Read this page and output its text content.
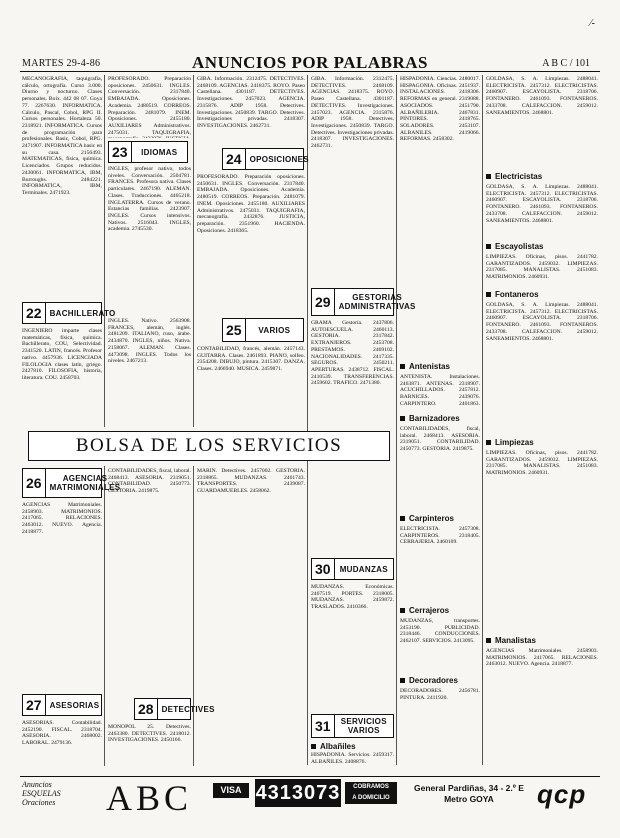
⁄‑
MARTES 29-4-86	ANUNCIOS POR PALABRAS	A B C / 101

MECANOGRAFIA, taquigrafía, cálculo, ortografía. Curso 3.000. Diurno y nocturno. Clases personales. Boix. 442 08 07. Goya 77. 2267630. INFORMATICA. Cálculo, Pascal, Cobol, RPG II. Cursos personales. Hortaleza 50. 2318921. INFORMATICA. Cursos de programación para profesionales. Basic, Cobol, RPG. 2471907. INFORMATICA basic en su casa. 2156493. MATEMATICAS, física, química. Licenciados. Grupos reducidos. 2430061. INFORMATICA, IBM, Burroughs. 2484221. INFORMATICA, IBM, Terminales. 2471923.

22	BACHILLERATO

INGENIERO imparte clases matemáticas, física, química. Bachillerato, COU, Selectividad. 2341520. LATIN, francés. Profesor nativo. 4457936. LICENCIADA FILOLOGIA clases latín, griego. 2427810. FILOSOFIA, historia, literatura. COU. 2458703.

PROFESORADO. Preparación oposiciones. 2450631. INGLES. Conversación. 2317840. EMBAJADA. Oposiciones. Academia. 2480519. CORREOS. Preparación. 2481079. INEM. Oposiciones. 2455180. AUXILIARES Administrativos. 2475031. TAQUIGRAFIA,

23	IDIOMAS

INGLES, profesor nativo, todos niveles. Conversación. 2504781. FRANCES. Profesora nativa. Clases particulares. 2467190. ALEMAN. Clases. Traducciones. 4465218. INGLATERRA. Cursos de verano. Estancias familias. 2423907. INGLES. Cursos intensivos. Nativos. 2516043. INGLES, academia. 2745530.

INGLES. Nativo. 2563908. FRANCES, alemán, inglés. 2481209. ITALIANO, ruso, árabe. 2434870. INGLES, niños. Nativa. 2158067. ALEMAN. Clases. 4473098. INGLES. Todos los niveles. 2467213.

GIBA. Información. 2312475. DETECTIVES. 2468109. AGENCIAS. 2418375. ROYO. Paseo Castellana. 4301187. DETECTIVES. Investigaciones. 2457023. AGENCIA. 2315876. ADIP 1958. Detectives. Investigaciones. 2450839. TARGO. Detectives. Investigaciones privadas. 2418307. INVESTIGACIONES. 2462731.

24	OPOSICIONES

PROFESORADO. Preparación oposiciones. 2450631. INGLES. Conversación. 2317840. EMBAJADA. Oposiciones. Academia. 2480519. CORREOS. Preparación. 2481079. INEM. Oposiciones. 2455180. AUXILIARES Administrativos. 2475031. TAQUIGRAFIA, mecanografía. 2432876. JUSTICIA, preparación. 2351960. HACIENDA. Oposiciones. 2418365.

25	VARIOS

CONTABILIDAD, francés, alemán. 2457143. GUITARRA. Clases. 2461893. PIANO, solfeo. 2354208. DIBUJO, pintura. 2415307. DANZA. Clases. 2466940. MUSICA. 2459871.

GIBA. Información. 2312475. DETECTIVES. 2468109. AGENCIAS. 2418375. ROYO. Paseo Castellana. 4301187. DETECTIVES. Investigaciones. 2457023. AGENCIA. 2315876. ADIP 1958. Detectives. Investigaciones. 2450839. TARGO. Detectives. Investigaciones privadas. 2418307. INVESTIGACIONES. 2462731.

29	GESTORIAS ADMINISTRATIVAS

GRAMA Gestoría. 2437806. AUTOESCUELA. 2460113. GESTORIA. 2317842. EXTRANJEROS. 2453708. PRESTAMOS. 2469102. NACIONALIDADES. 2417335. SEGUROS. 2450211. APERTURAS. 2438712. FISCAL. 2410539. TRANSFERENCIAS. 2459602. TRAFICO. 2471380.

30	MUDANZAS

MUDANZAS. Económicas. 2467519. PORTES. 2318005. MUDANZAS. 2459872. TRASLADOS. 2410366.

31	SERVICIOS VARIOS
Albañiles

HISPADONIA. Servicios. 2459317. ALBAÑILES. 2408876.

HISPADONIA. Ciencias. 2480017. HISPAGONIA. Oficinas. 2451937. INSTALACIONES. 2418306. REFORMAS en general. 2319088. ASOCIADOS. 2451790. ALBAÑILERIA. 2467831. PINTORES. 2418765. SOLADORES. 2453107. ALBANILES. 2419066. REFORMAS. 2458302.

Antenistas

ANTENISTA. Instalaciones. 2463871. ANTENAS. 2318907. ACUCHILLADOS. 2457812. BARNICES. 2439076. CARPINTERO. 2401863.

Barnizadores

CONTABILIDADES, fiscal, laboral. 2468413. ASESORIA. 2319051. CONTABILIDAD. 2450773. GESTORIA. 2419875.

Carpinteros

ELECTRICISTA. 2457308. CARPINTEROS. 2318405. CERRAJERIA. 2460109.

Cerrajeros

MUDANZAS, transportes. 2453190. PUBLICIDAD. 2318446. CONDUCCIONES. 2462107. SERVICIOS. 2413095.

Decoradores

DECORADORES. 2456781. PINTURA. 2411920.

GOLDASA, S. A. Limpiezas. 2488041. ELECTRICISTA. 2457312. ELECTRICISTAS. 2460907. ESCAYOLISTA. 2318706. FONTANERO. 2461093. FONTANEROS. 2433708. CALEFACCION. 2459012. SANEAMIENTOS. 2468801.

Electricistas

GOLDASA, S. A. Limpiezas. 2488041. ELECTRICISTA. 2457312. ELECTRICISTAS. 2460907. ESCAYOLISTA. 2318706. FONTANERO. 2461093. FONTANEROS. 2433708. CALEFACCION. 2459012. SANEAMIENTOS. 2468801.

Escayolistas

LIMPIEZAS. Oficinas, pisos. 2441782. GARANTIZADOS. 2459032. LIMPIEZAS. 2317085. MANALISTAS. 2451083. MATRIMONIOS. 2460931.

Fontaneros

GOLDASA, S. A. Limpiezas. 2488041. ELECTRICISTA. 2457312. ELECTRICISTAS. 2460907. ESCAYOLISTA. 2318706. FONTANERO. 2461093. FONTANEROS. 2433708. CALEFACCION. 2459012. SANEAMIENTOS. 2468801.

Limpiezas

LIMPIEZAS. Oficinas, pisos. 2441782. GARANTIZADOS. 2459032. LIMPIEZAS. 2317085. MANALISTAS. 2451083. MATRIMONIOS. 2460931.

Manalistas

AGENCIAS Matrimoniales. 2458903. MATRIMONIOS. 2417065. RELACIONES. 2463012. NUEVO. Agencia. 2418877.

BOLSA DE LOS SERVICIOS
26	AGENCIAS MATRIMONIALES

AGENCIAS Matrimoniales. 2458903. MATRIMONIOS. 2417065. RELACIONES. 2463012. NUEVO. Agencia. 2418877.

27	ASESORIAS

ASESORIAS. Contabilidad. 2452190. FISCAL. 2318704. ASESORIA. 2468002. LABORAL. 2479136.

CONTABILIDADES, fiscal, laboral. 2468413. ASESORIA. 2319051. CONTABILIDAD. 2450773. GESTORIA. 2419875.

28	DETECTIVES

MONOPOL 25. Detectives. 2463380. DETECTIVES. 2418012. INVESTIGACIONES. 2450166.

MARIN. Detectives. 2457002. GESTORIA. 2318865. MUDANZAS. 2461743. TRANSPORTES. 2439087. GUARDAMUEBLES. 2458062.

Anuncios
ESQUELAS
Oraciones ABC	VISA 4313073	COBRAMOS
A DOMICILIO
General Pardiñas, 34 - 2.º E
Metro GOYA	qcp
